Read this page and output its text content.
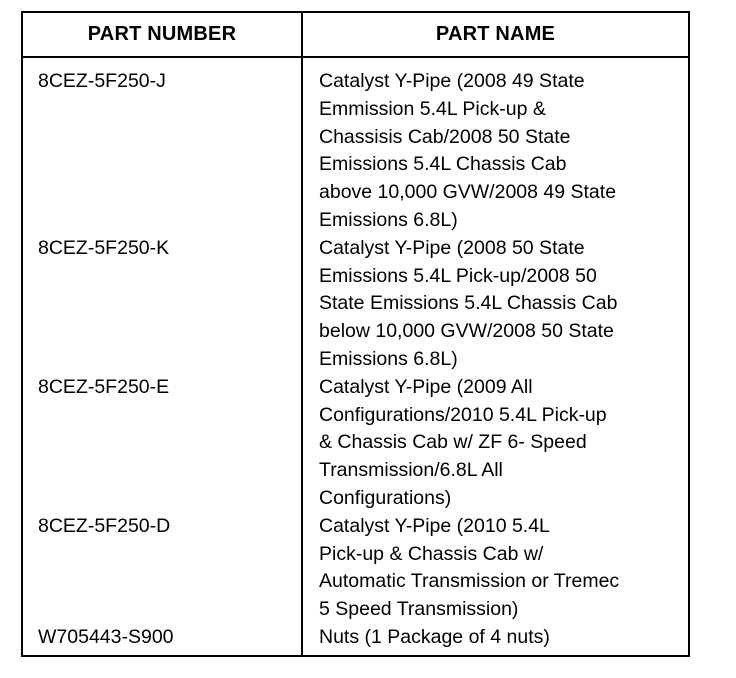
PART NUMBER	PART NAME
8CEZ-5F250-J	Catalyst Y-Pipe (2008 49 State
Emmission 5.4L Pick-up &
Chassisis Cab/2008 50 State
Emissions 5.4L Chassis Cab
above 10,000 GVW/2008 49 State
Emissions 6.8L)
8CEZ-5F250-K	Catalyst Y-Pipe (2008 50 State
Emissions 5.4L Pick-up/2008 50
State Emissions 5.4L Chassis Cab
below 10,000 GVW/2008 50 State
Emissions 6.8L)
8CEZ-5F250-E	Catalyst Y-Pipe (2009 All
Configurations/2010 5.4L Pick-up
& Chassis Cab w/ ZF 6- Speed
Transmission/6.8L All
Configurations)
8CEZ-5F250-D	Catalyst Y-Pipe (2010 5.4L
Pick-up & Chassis Cab w/
Automatic Transmission or Tremec
5 Speed Transmission)
W705443-S900	Nuts (1 Package of 4 nuts)
